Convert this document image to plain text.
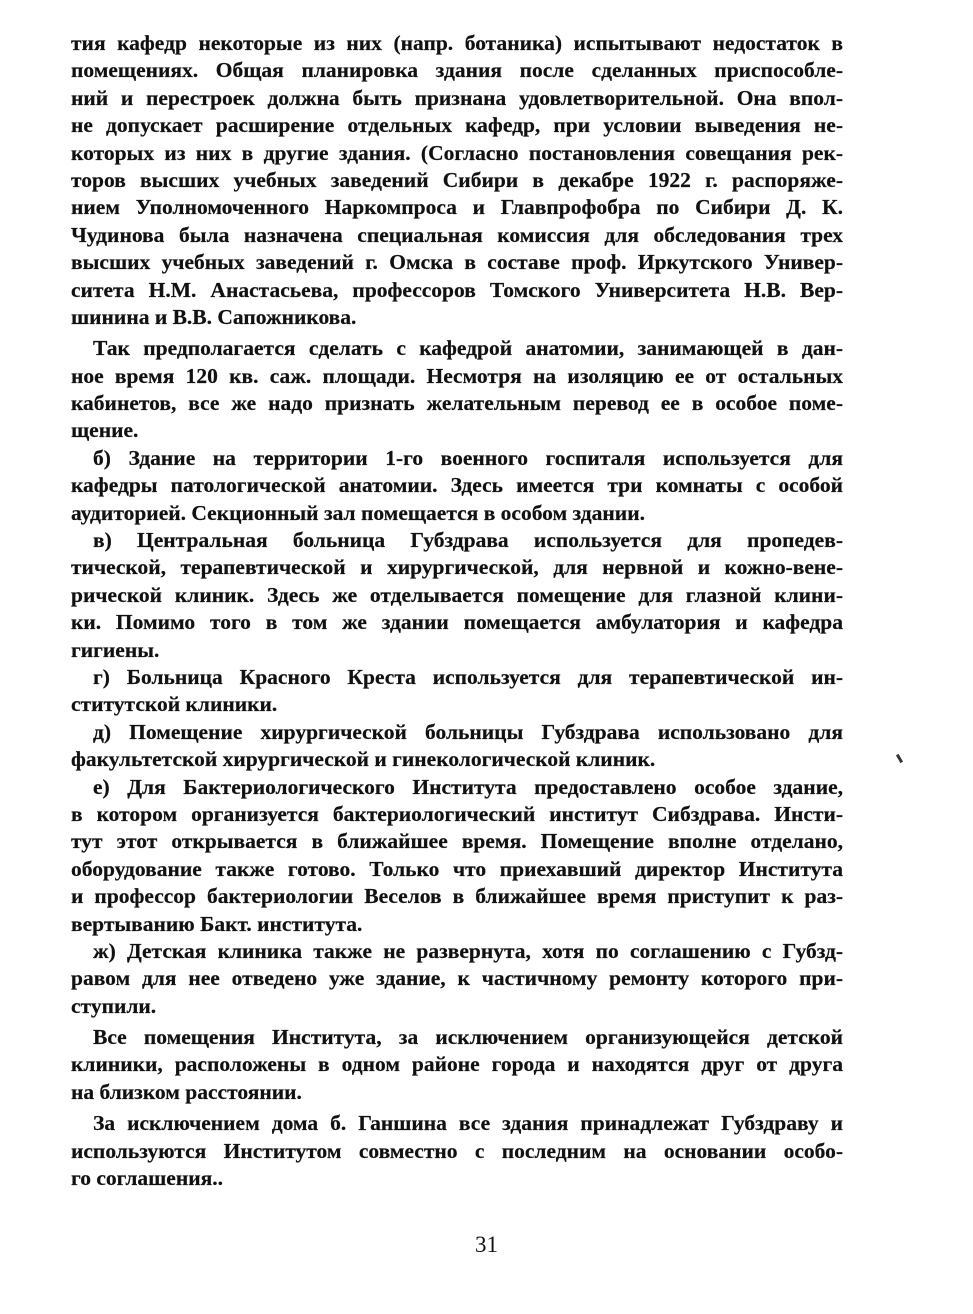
тия кафедр некоторые из них (напр. ботаника) испытывают недостаток в
помещениях. Общая планировка здания после сделанных приспособле-
ний и перестроек должна быть признана удовлетворительной. Она впол-
не допускает расширение отдельных кафедр, при условии выведения не-
которых из них в другие здания. (Согласно постановления совещания рек-
торов высших учебных заведений Сибири в декабре 1922 г. распоряже-
нием Уполномоченного Наркомпроса и Главпрофобра по Сибири Д. К.
Чудинова была назначена специальная комиссия для обследования трех
высших учебных заведений г. Омска в составе проф. Иркутского Универ-
ситета Н.М. Анастасьева, профессоров Томского Университета Н.В. Вер-
шинина и В.В. Сапожникова.
Так предполагается сделать с кафедрой анатомии, занимающей в дан-
ное время 120 кв. саж. площади. Несмотря на изоляцию ее от остальных
кабинетов, все же надо признать желательным перевод ее в особое поме-
щение.
б) Здание на территории 1-го военного госпиталя используется для
кафедры патологической анатомии. Здесь имеется три комнаты с особой
аудиторией. Секционный зал помещается в особом здании.
в) Центральная больница Губздрава используется для пропедев-
тической, терапевтической и хирургической, для нервной и кожно-вене-
рической клиник. Здесь же отделывается помещение для глазной клини-
ки. Помимо того в том же здании помещается амбулатория и кафедра
гигиены.
г) Больница Красного Креста используется для терапевтической ин-
ститутской клиники.
д) Помещение хирургической больницы Губздрава использовано для
факультетской хирургической и гинекологической клиник.
е) Для Бактериологического Института предоставлено особое здание,
в котором организуется бактериологический институт Сибздрава. Инсти-
тут этот открывается в ближайшее время. Помещение вполне отделано,
оборудование также готово. Только что приехавший директор Института
и профессор бактериологии Веселов в ближайшее время приступит к раз-
вертыванию Бакт. института.
ж) Детская клиника также не развернута, хотя по соглашению с Губзд-
равом для нее отведено уже здание, к частичному ремонту которого при-
ступили.
Все помещения Института, за исключением организующейся детской
клиники, расположены в одном районе города и находятся друг от друга
на близком расстоянии.
За исключением дома б. Ганшина все здания принадлежат Губздраву и
используются Институтом совместно с последним на основании особо-
го соглашения..
31
